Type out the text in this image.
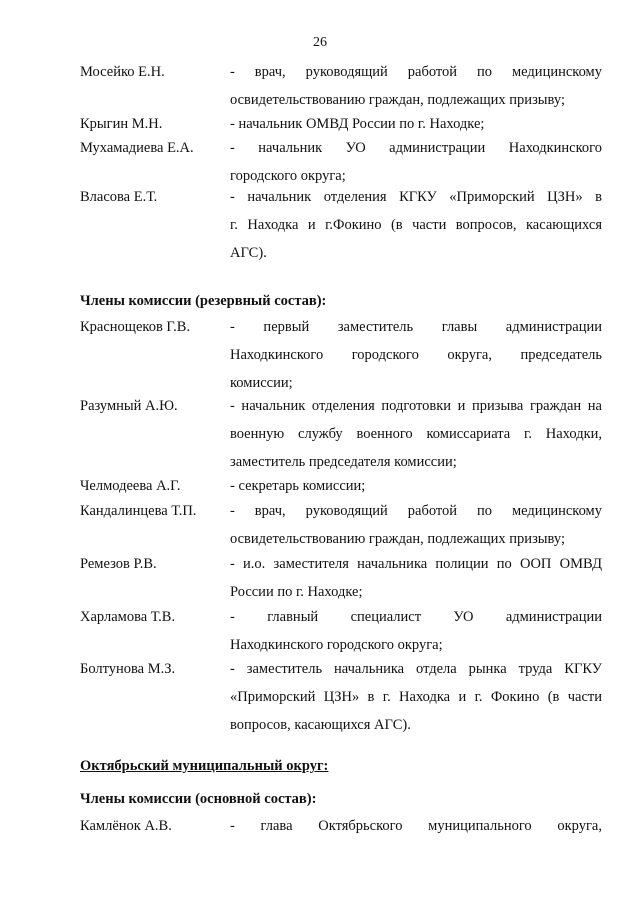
26
Мосейко Е.Н.	- врач, руководящий работой по медицинскому
освидетельствованию граждан, подлежащих призыву;
Крыгин М.Н.	- начальник ОМВД России по г. Находке;
Мухамадиева Е.А.	- начальник УО администрации Находкинского
городского округа;
Власова Е.Т.	- начальник отделения КГКУ «Приморский ЦЗН» в
г. Находка и г.Фокино (в части вопросов, касающихся
АГС).
Члены комиссии (резервный состав):
Краснощеков Г.В.	- первый заместитель главы администрации
Находкинского городского округа, председатель
комиссии;
Разумный А.Ю.	- начальник отделения подготовки и призыва граждан на
военную службу военного комиссариата г. Находки,
заместитель председателя комиссии;
Челмодеева А.Г.	- секретарь комиссии;
Кандалинцева Т.П. - врач, руководящий работой по медицинскому
освидетельствованию граждан, подлежащих призыву;
Ремезов Р.В.	- и.о. заместителя начальника полиции по ООП ОМВД
России по г. Находке;
Харламова Т.В.	- главный специалист УО администрации
Находкинского городского округа;
Болтунова М.З.	- заместитель начальника отдела рынка труда КГКУ
«Приморский ЦЗН» в г. Находка и г. Фокино (в части
вопросов, касающихся АГС).
Октябрьский муниципальный округ:
Члены комиссии (основной состав):
Камлёнок А.В.	- глава Октябрьского муниципального округа,
